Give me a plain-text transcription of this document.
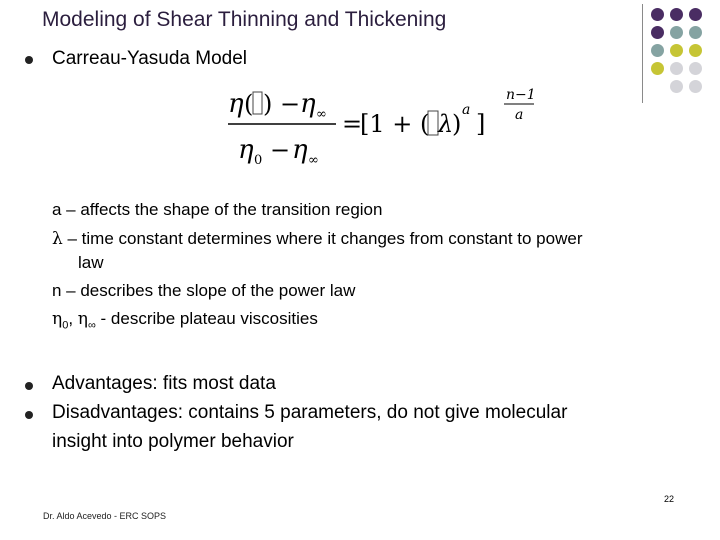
Modeling of Shear Thinning and Thickening
Carreau-Yasuda Model
η ( ) − η ∞
η 0 − η ∞
=
[1 + ( λ
) a ]
n−1
a
a – affects the shape of the transition region
λ – time constant determines where it changes from constant to power
law
n – describes the slope of the power law
$\eta_0$, $\eta_\infty$ - describe plateau viscosities
Advantages: fits most data
Disadvantages: contains 5 parameters, do not give molecular
insight into polymer behavior
22
Dr. Aldo Acevedo - ERC SOPS
